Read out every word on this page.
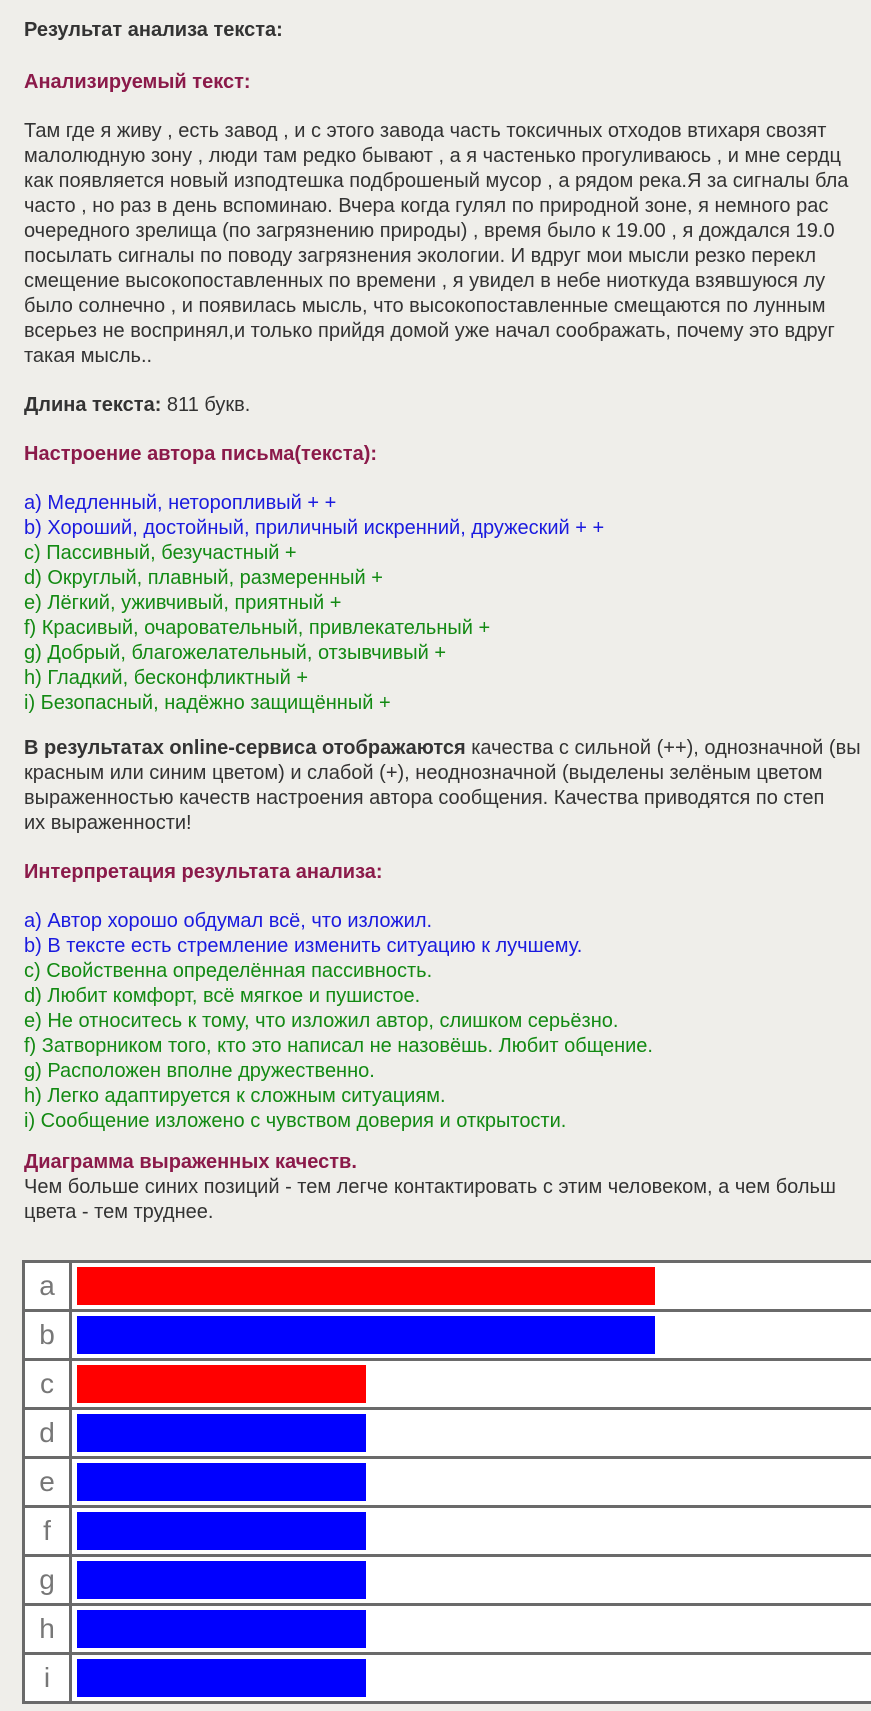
Результат анализа текста:
Анализируемый текст:
Там где я живу , есть завод , и с этого завода часть токсичных отходов втихаря свозят
малолюдную зону , люди там редко бывают , а я частенько прогуливаюсь , и мне сердц
как появляется новый изподтешка подброшеный мусор , а рядом река.Я за сигналы бла
часто , но раз в день вспоминаю. Вчера когда гулял по природной зоне, я немного рас
очередного зрелища (по загрязнению природы) , время было к 19.00 , я дождался 19.0
посылать сигналы по поводу загрязнения экологии. И вдруг мои мысли резко перекл
смещение высокопоставленных по времени , я увидел в небе ниоткуда взявшуюся лу
было солнечно , и появилась мысль, что высокопоставленные смещаются по лунным
всерьез не воспринял,и только прийдя домой уже начал соображать, почему это вдруг
такая мысль..
Длина текста: 811 букв.
Настроение автора письма(текста):
a) Медленный, неторопливый + +
b) Хороший, достойный, приличный искренний, дружеский + +
c) Пассивный, безучастный +
d) Округлый, плавный, размеренный +
e) Лёгкий, уживчивый, приятный +
f) Красивый, очаровательный, привлекательный +
g) Добрый, благожелательный, отзывчивый +
h) Гладкий, бесконфликтный +
i) Безопасный, надёжно защищённый +
В результатах online-сервиса отображаются качества с сильной (++), однозначной (вы
красным или синим цветом) и слабой (+), неоднозначной (выделены зелёным цветом
выраженностью качеств настроения автора сообщения. Качества приводятся по степ
их выраженности!
Интерпретация результата анализа:
a) Автор хорошо обдумал всё, что изложил.
b) В тексте есть стремление изменить ситуацию к лучшему.
c) Свойственна определённая пассивность.
d) Любит комфорт, всё мягкое и пушистое.
e) Не относитесь к тому, что изложил автор, слишком серьёзно.
f) Затворником того, кто это написал не назовёшь. Любит общение.
g) Расположен вполне дружественно.
h) Легко адаптируется к сложным ситуациям.
i) Сообщение изложено с чувством доверия и открытости.
Диаграмма выраженных качеств.
Чем больше синих позиций - тем легче контактировать с этим человеком, а чем больш
цвета - тем труднее.
a
b
c
d
e
f
g
h
i
